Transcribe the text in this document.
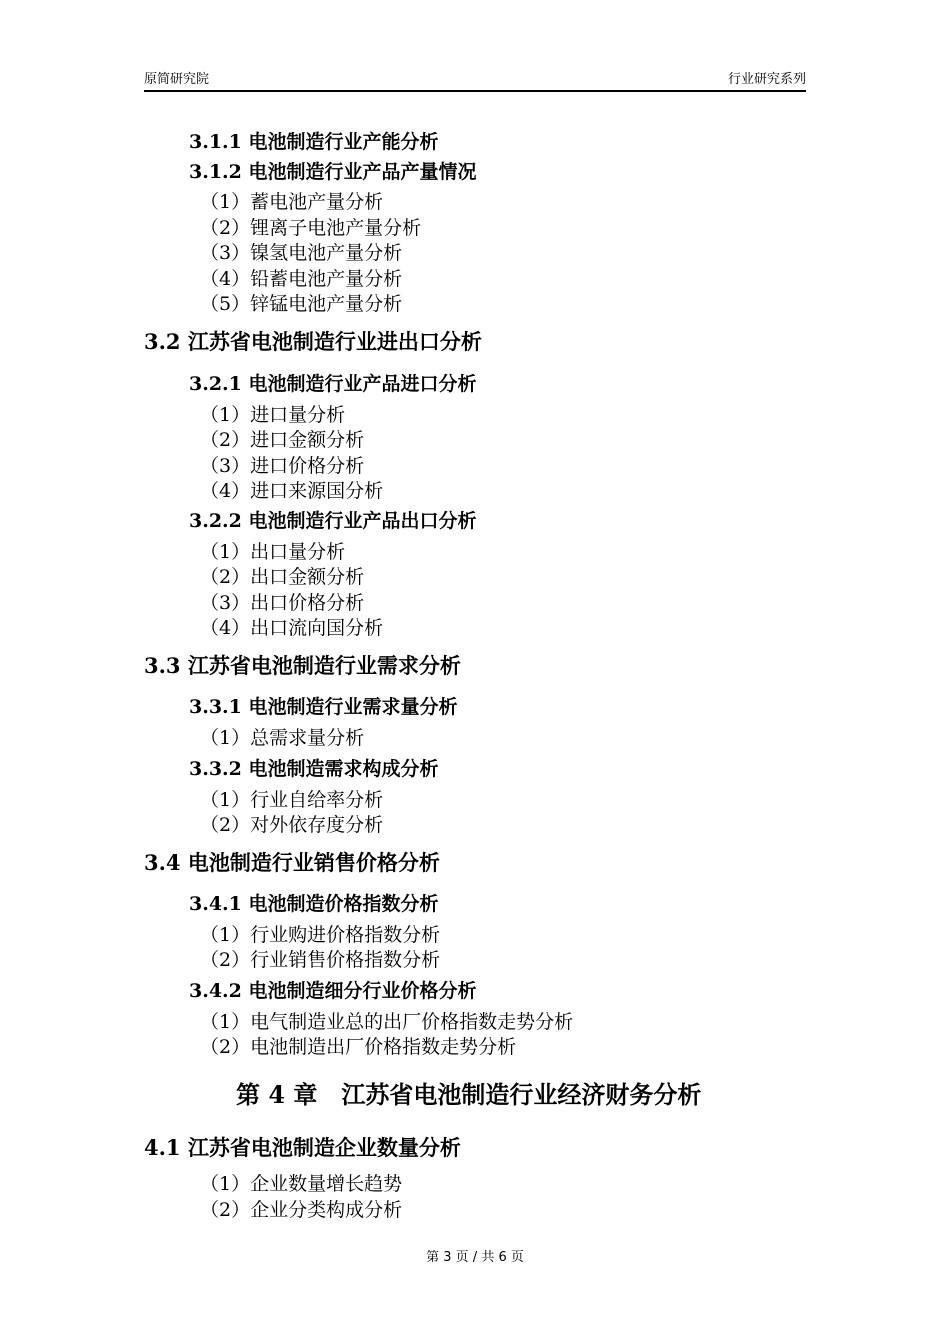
原简研究院	行业研究系列
3.1.1 电池制造行业产能分析
3.1.2 电池制造行业产品产量情况
（1）蓄电池产量分析
（2）锂离子电池产量分析
（3）镍氢电池产量分析
（4）铅蓄电池产量分析
（5）锌锰电池产量分析
3.2 江苏省电池制造行业进出口分析
3.2.1 电池制造行业产品进口分析
（1）进口量分析
（2）进口金额分析
（3）进口价格分析
（4）进口来源国分析
3.2.2 电池制造行业产品出口分析
（1）出口量分析
（2）出口金额分析
（3）出口价格分析
（4）出口流向国分析
3.3 江苏省电池制造行业需求分析
3.3.1 电池制造行业需求量分析
（1）总需求量分析
3.3.2 电池制造需求构成分析
（1）行业自给率分析
（2）对外依存度分析
3.4 电池制造行业销售价格分析
3.4.1 电池制造价格指数分析
（1）行业购进价格指数分析
（2）行业销售价格指数分析
3.4.2 电池制造细分行业价格分析
（1）电气制造业总的出厂价格指数走势分析
（2）电池制造出厂价格指数走势分析
第 4 章　江苏省电池制造行业经济财务分析
4.1 江苏省电池制造企业数量分析
（1）企业数量增长趋势
（2）企业分类构成分析
第 3 页 / 共 6 页
